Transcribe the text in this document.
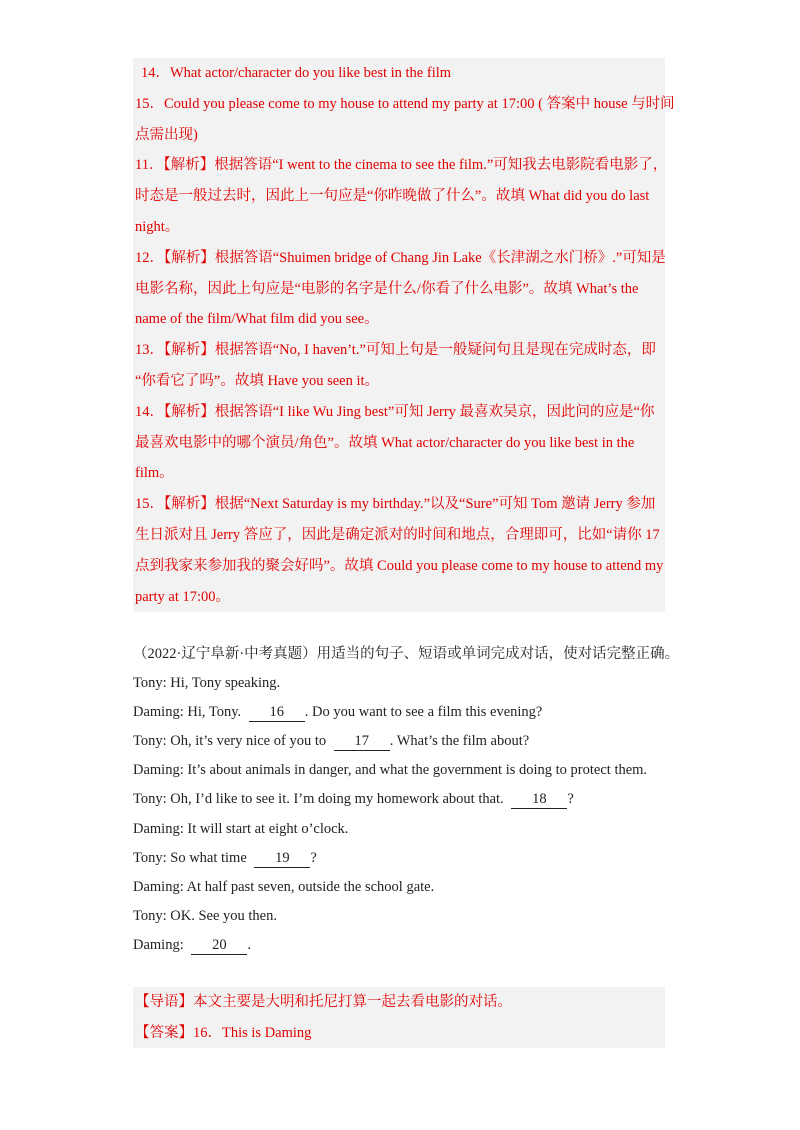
14．What actor/character do you like best in the film
15．Could you please come to my house to attend my party at 17:00 ( 答案中 house 与时间
点需出现)
11．【解析】根据答语“I went to the cinema to see the film.”可知我去电影院看电影了，
时态是一般过去时，因此上一句应是“你昨晚做了什么”。故填 What did you do last
night。
12．【解析】根据答语“Shuimen bridge of Chang Jin Lake《长津湖之水门桥》.”可知是
电影名称，因此上句应是“电影的名字是什么/你看了什么电影”。故填 What’s the
name of the film/What film did you see。
13．【解析】根据答语“No, I haven’t.”可知上句是一般疑问句且是现在完成时态，即
“你看它了吗”。故填 Have you seen it。
14．【解析】根据答语“I like Wu Jing best”可知 Jerry 最喜欢吴京，因此问的应是“你
最喜欢电影中的哪个演员/角色”。故填 What actor/character do you like best in the
film。
15．【解析】根据“Next Saturday is my birthday.”以及“Sure”可知 Tom 邀请 Jerry 参加
生日派对且 Jerry 答应了，因此是确定派对的时间和地点，合理即可，比如“请你 17
点到我家来参加我的聚会好吗”。故填 Could you please come to my house to attend my
party at 17:00。
（2022·辽宁阜新·中考真题）用适当的句子、短语或单词完成对话，使对话完整正确。
Tony: Hi, Tony speaking.
Daming: Hi, Tony. 16 . Do you want to see a film this evening?
Tony: Oh, it’s very nice of you to 17 . What’s the film about?
Daming: It’s about animals in danger, and what the government is doing to protect them.
Tony: Oh, I’d like to see it. I’m doing my homework about that. 18 ?
Daming: It will start at eight o’clock.
Tony: So what time 19 ?
Daming: At half past seven, outside the school gate.
Tony: OK. See you then.
Daming: 20 .
【导语】本文主要是大明和托尼打算一起去看电影的对话。
【答案】16．This is Daming
